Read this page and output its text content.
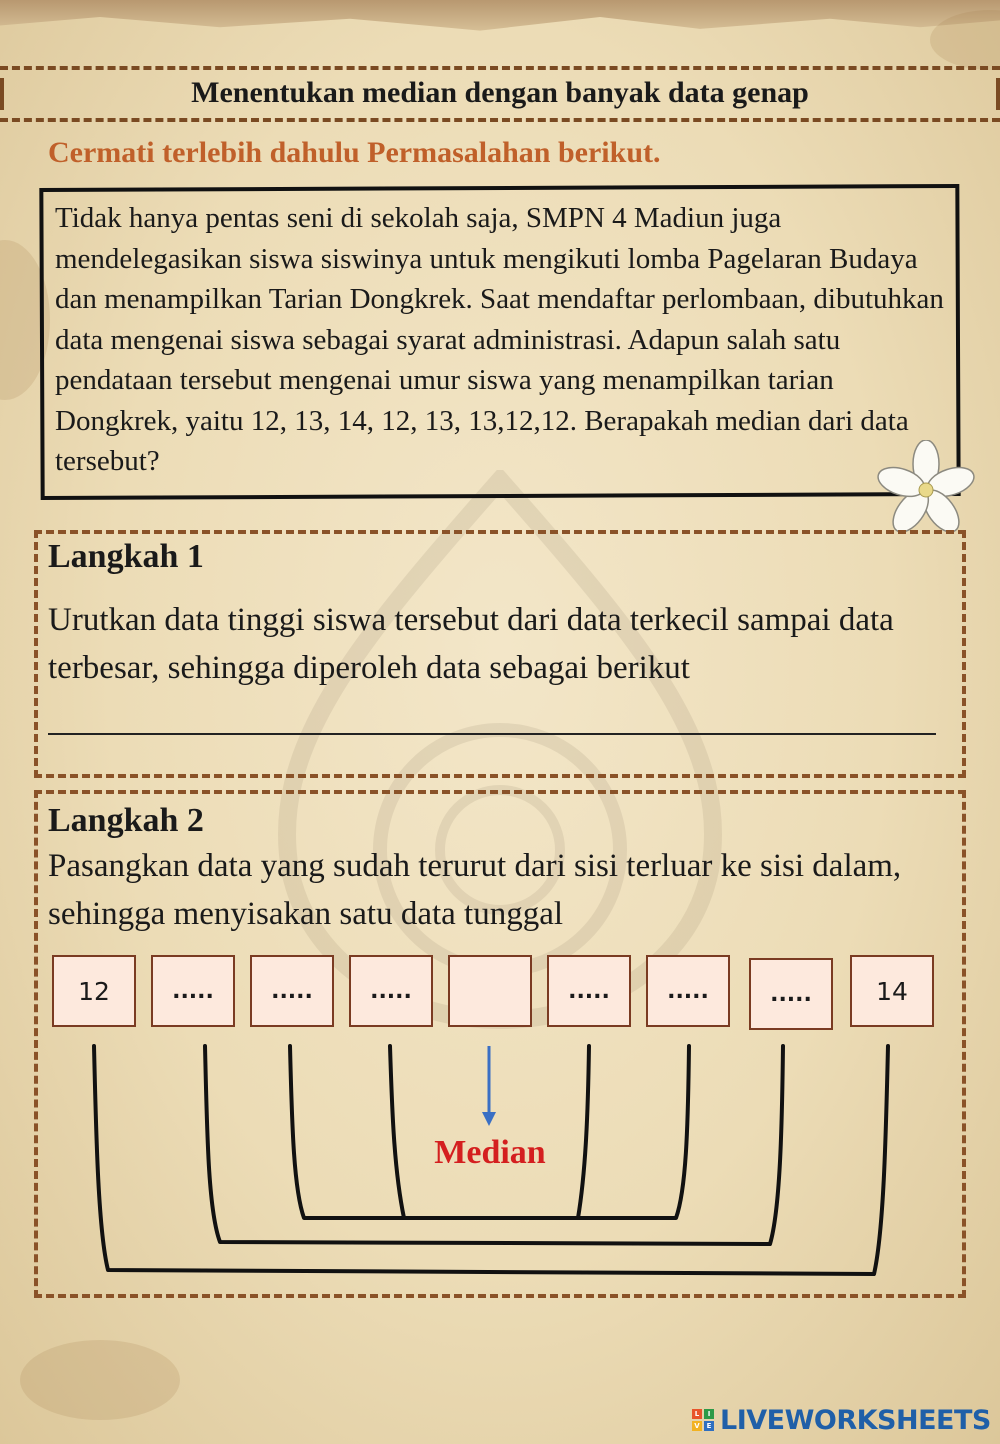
Menentukan median dengan banyak data genap
Cermati terlebih dahulu Permasalahan berikut.
Tidak hanya pentas seni di sekolah saja, SMPN 4 Madiun juga mendelegasikan siswa siswinya untuk mengikuti lomba Pagelaran Budaya dan menampilkan Tarian Dongkrek. Saat mendaftar perlombaan, dibutuhkan data mengenai siswa sebagai syarat administrasi. Adapun salah satu pendataan tersebut mengenai umur siswa yang menampilkan tarian Dongkrek, yaitu 12, 13, 14, 12, 13, 13,12,12. Berapakah median dari data tersebut?
Langkah 1
Urutkan data tinggi siswa tersebut dari data terkecil sampai data terbesar, sehingga diperoleh data sebagai berikut
Langkah 2
Pasangkan data yang sudah terurut dari sisi terluar ke sisi dalam, sehingga menyisakan satu data tunggal
12	.....	.....	.....	.....	.....	.....	14
Median
L	I
V E LIVEWORKSHEETS
